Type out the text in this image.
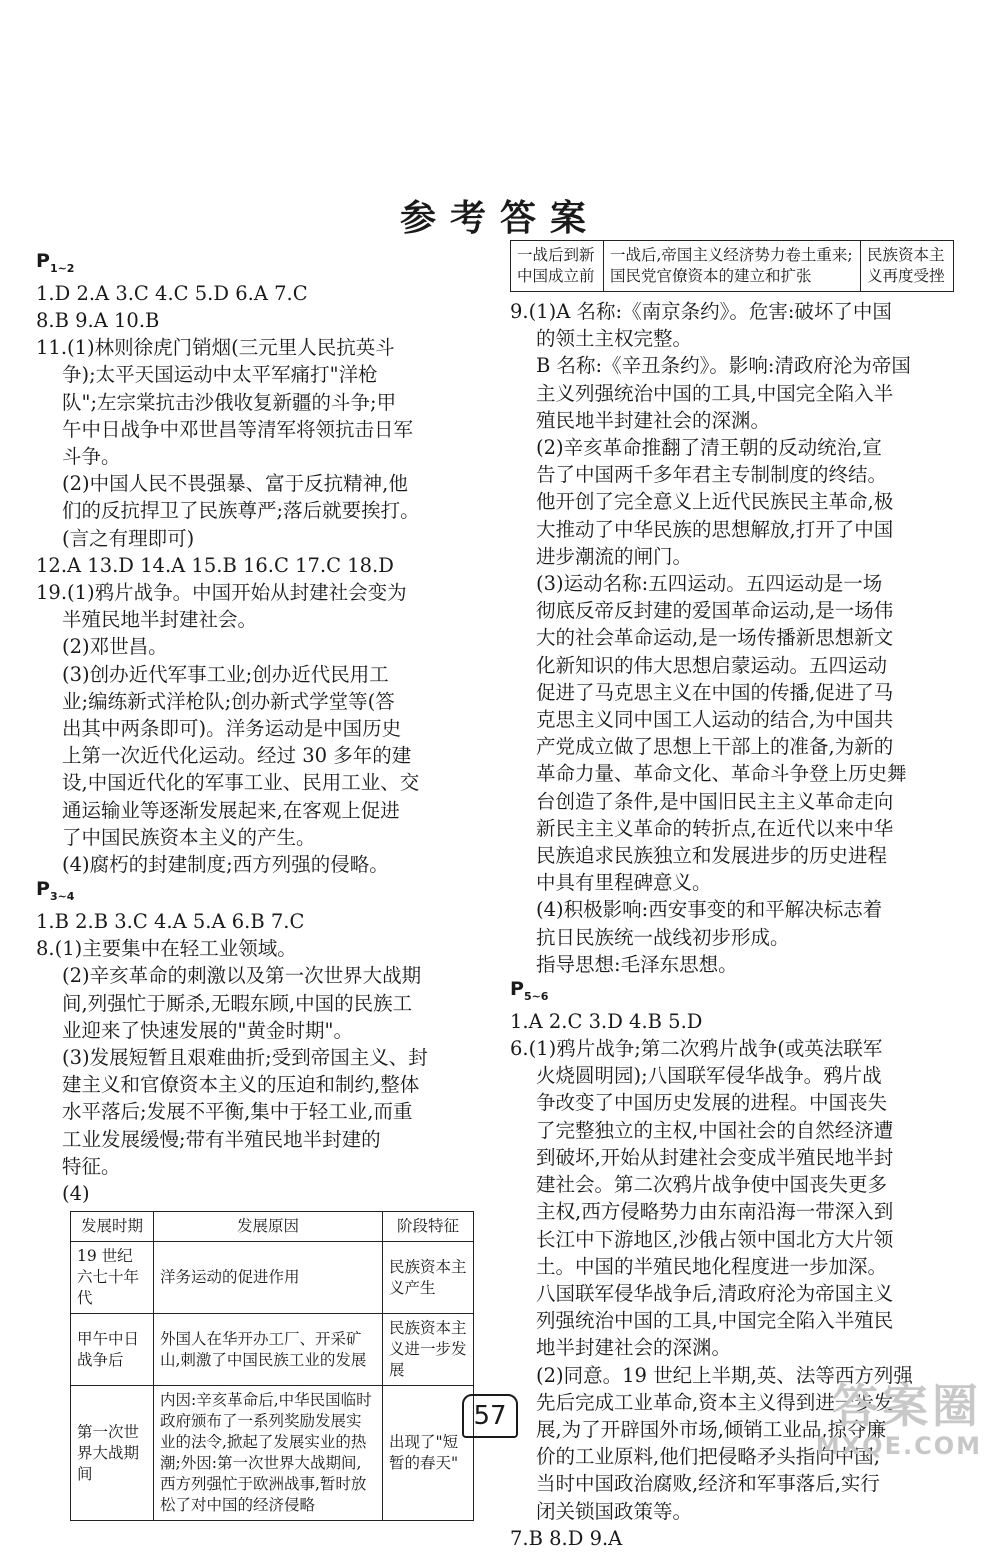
参考答案
$P_{1\sim 2}$
1.D 2.A 3.C 4.C 5.D 6.A 7.C
8.B 9.A 10.B
11.(1)林则徐虎门销烟(三元里人民抗英斗
争);太平天国运动中太平军痛打"洋枪
队";左宗棠抗击沙俄收复新疆的斗争;甲
午中日战争中邓世昌等清军将领抗击日军
斗争。
(2)中国人民不畏强暴、富于反抗精神,他
们的反抗捍卫了民族尊严;落后就要挨打。
(言之有理即可)
12.A 13.D 14.A 15.B 16.C 17.C 18.D
19.(1)鸦片战争。中国开始从封建社会变为
半殖民地半封建社会。
(2)邓世昌。
(3)创办近代军事工业;创办近代民用工
业;编练新式洋枪队;创办新式学堂等(答
出其中两条即可)。洋务运动是中国历史
上第一次近代化运动。经过 30 多年的建
设,中国近代化的军事工业、民用工业、交
通运输业等逐渐发展起来,在客观上促进
了中国民族资本主义的产生。
(4)腐朽的封建制度;西方列强的侵略。
$P_{3\sim 4}$
1.B 2.B 3.C 4.A 5.A 6.B 7.C
8.(1)主要集中在轻工业领域。
(2)辛亥革命的刺激以及第一次世界大战期
间,列强忙于厮杀,无暇东顾,中国的民族工
业迎来了快速发展的"黄金时期"。
(3)发展短暂且艰难曲折;受到帝国主义、封
建主义和官僚资本主义的压迫和制约,整体
水平落后;发展不平衡,集中于轻工业,而重
工业发展缓慢;带有半殖民地半封建的
特征。
(4)
发展时期	发展原因	阶段特征
19 世纪六七十年代	洋务运动的促进作用	民族资本主义产生
甲午中日战争后	外国人在华开办工厂、开采矿山,刺激了中国民族工业的发展	民族资本主义进一步发展
第一次世界大战期间	内因:辛亥革命后,中华民国临时政府颁布了一系列奖励发展实业的法令,掀起了发展实业的热潮;外因:第一次世界大战期间,西方列强忙于欧洲战事,暂时放松了对中国的经济侵略	出现了"短暂的春天"
一战后到新中国成立前	一战后,帝国主义经济势力卷土重来;国民党官僚资本的建立和扩张	民族资本主义再度受挫
9.(1)A 名称:《南京条约》。危害:破坏了中国
的领土主权完整。
B 名称:《辛丑条约》。影响:清政府沦为帝国
主义列强统治中国的工具,中国完全陷入半
殖民地半封建社会的深渊。
(2)辛亥革命推翻了清王朝的反动统治,宣
告了中国两千多年君主专制制度的终结。
他开创了完全意义上近代民族民主革命,极
大推动了中华民族的思想解放,打开了中国
进步潮流的闸门。
(3)运动名称:五四运动。五四运动是一场
彻底反帝反封建的爱国革命运动,是一场伟
大的社会革命运动,是一场传播新思想新文
化新知识的伟大思想启蒙运动。五四运动
促进了马克思主义在中国的传播,促进了马
克思主义同中国工人运动的结合,为中国共
产党成立做了思想上干部上的准备,为新的
革命力量、革命文化、革命斗争登上历史舞
台创造了条件,是中国旧民主主义革命走向
新民主主义革命的转折点,在近代以来中华
民族追求民族独立和发展进步的历史进程
中具有里程碑意义。
(4)积极影响:西安事变的和平解决标志着
抗日民族统一战线初步形成。
指导思想:毛泽东思想。
$P_{5\sim 6}$
1.A 2.C 3.D 4.B 5.D
6.(1)鸦片战争;第二次鸦片战争(或英法联军
火烧圆明园);八国联军侵华战争。鸦片战
争改变了中国历史发展的进程。中国丧失
了完整独立的主权,中国社会的自然经济遭
到破坏,开始从封建社会变成半殖民地半封
建社会。第二次鸦片战争使中国丧失更多
主权,西方侵略势力由东南沿海一带深入到
长江中下游地区,沙俄占领中国北方大片领
土。中国的半殖民地化程度进一步加深。
八国联军侵华战争后,清政府沦为帝国主义
列强统治中国的工具,中国完全陷入半殖民
地半封建社会的深渊。
(2)同意。19 世纪上半期,英、法等西方列强
先后完成工业革命,资本主义得到进一步发
展,为了开辟国外市场,倾销工业品,掠夺廉
价的工业原料,他们把侵略矛头指向中国;
当时中国政治腐败,经济和军事落后,实行
闭关锁国政策等。
7.B 8.D 9.A
57	答案圈
MXQE.COM
